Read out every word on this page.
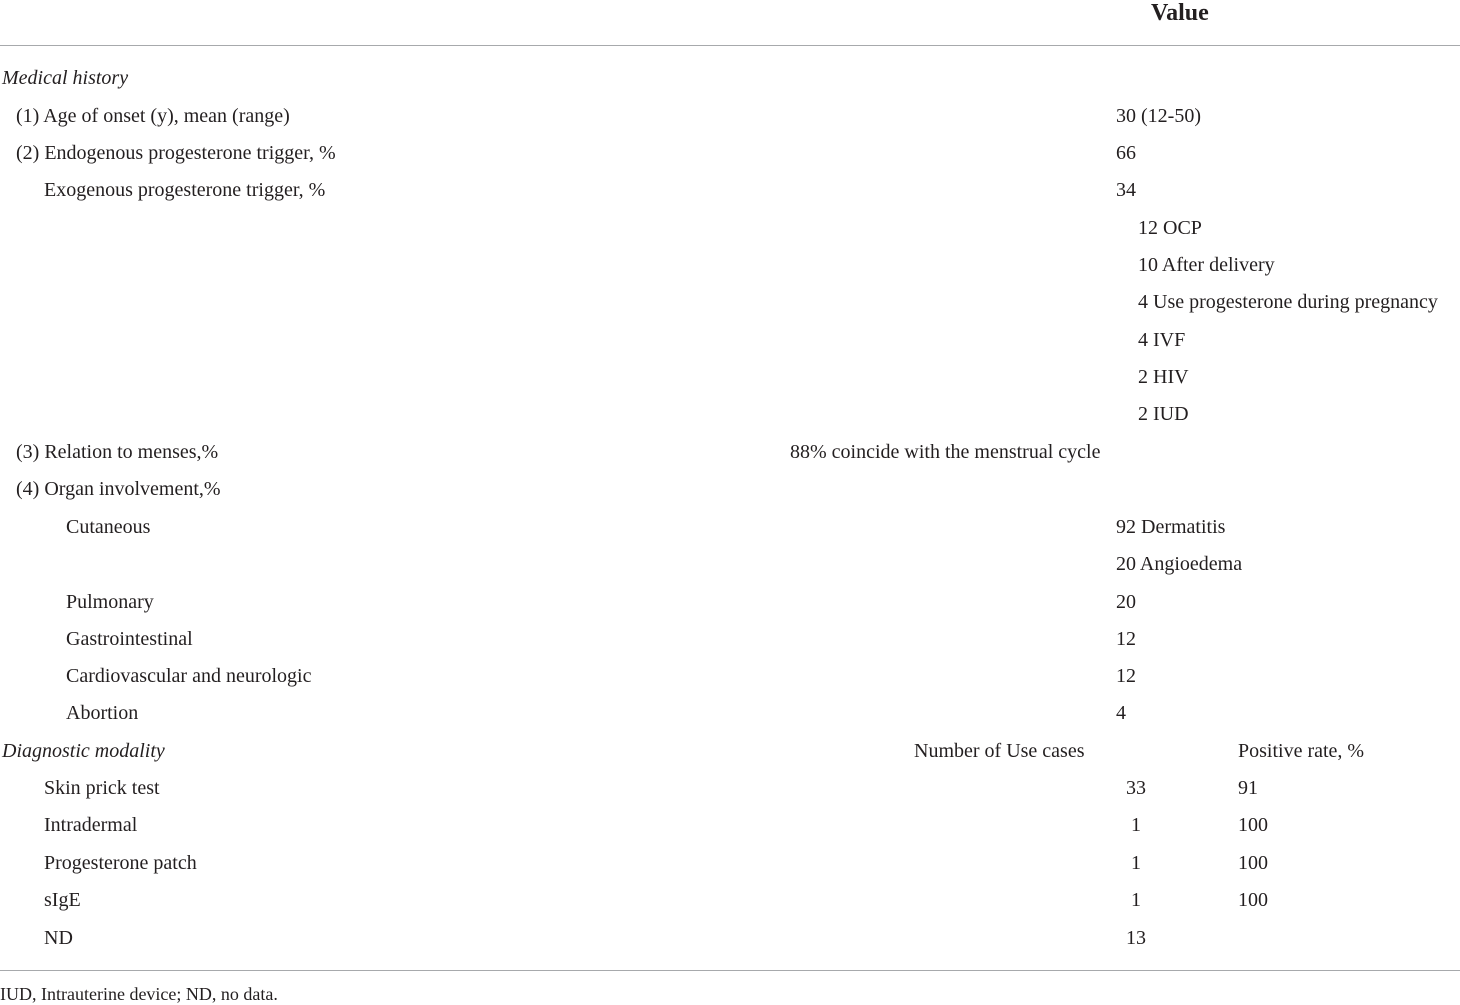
Value
Medical history
(1) Age of onset (y), mean (range)	30 (12-50)
(2) Endogenous progesterone trigger, %	66
Exogenous progesterone trigger, %	34
12 OCP
10 After delivery
4 Use progesterone during pregnancy
4 IVF
2 HIV
2 IUD
(3) Relation to menses,%	88% coincide with the menstrual cycle
(4) Organ involvement,%
Cutaneous	92 Dermatitis
20 Angioedema
Pulmonary	20
Gastrointestinal	12
Cardiovascular and neurologic	12
Abortion	4
Diagnostic modality	Number of Use cases	Positive rate, %
Skin prick test	33	91
Intradermal	1	100
Progesterone patch	1	100
sIgE	1	100
ND	13
IUD, Intrauterine device; ND, no data.
